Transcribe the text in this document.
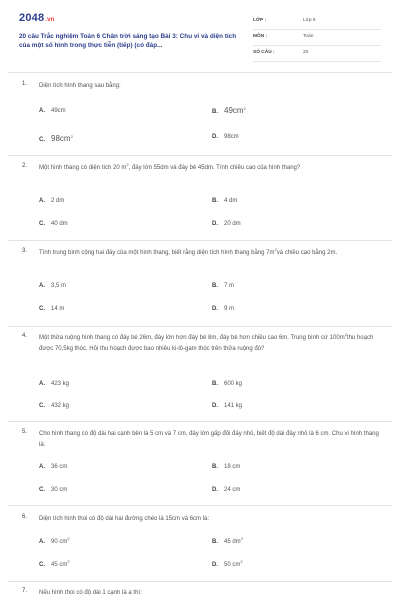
2048.vn
20 câu Trắc nghiệm Toán 6 Chân trời sáng tạo Bài 3: Chu vi và diện tích của một số hình trong thực tiễn (tiếp) (có đáp...
LỚP :	Lớp 6
MÔN :	Toán
SỐ CÂU :	20
1. Diện tích hình thang sau bằng:
A. 49cm	B. $49cm^2$
C. $98cm^2$	D. 98cm
2. Một hình thang có diện tích 20 $m^2$, đáy lớn 55dm và đáy bé 45dm. Tính chiều cao của hình thang?
A. 2 dm	B. 4 dm
C. 40 dm	D. 20 dm
3. Tính trung bình cộng hai đáy của một hình thang, biết rằng diện tích hình thang bằng $7m^2và$ chiều cao bằng 2m.
A. 3,5 m	B. 7 m
C. 14 m	D. 9 m
4. Một thửa ruộng hình thang có đáy bé 26m, đáy lớn hơn đáy bé 8m, đáy bé hơn chiều cao 6m. Trung bình cứ $100m^2thu$ hoạch được 70,5kg thóc. Hỏi thu hoạch được bao nhiêu ki-lô-gam thóc trên thửa ruộng đó?
A. 423 kg	B. 600 kg
C. 432 kg	D. 141 kg
5. Cho hình thang có độ dài hai cạnh bên là 5 cm và 7 cm, đáy lớn gấp đôi đáy nhỏ, biết độ dài đáy nhỏ là 6 cm. Chu vi hình thang là:
A. 36 cm	B. 18 cm
C. 30 cm	D. 24 cm
6. Diện tích hình thoi có độ dài hai đường chéo là 15cm và 6cm là:
A. 90 $cm^2$
B. 45 $dm^2$
C. 45 $cm^2$
D. 50 $cm^2$
7. Nếu hình thoi có độ dài 1 cạnh là a thì:
